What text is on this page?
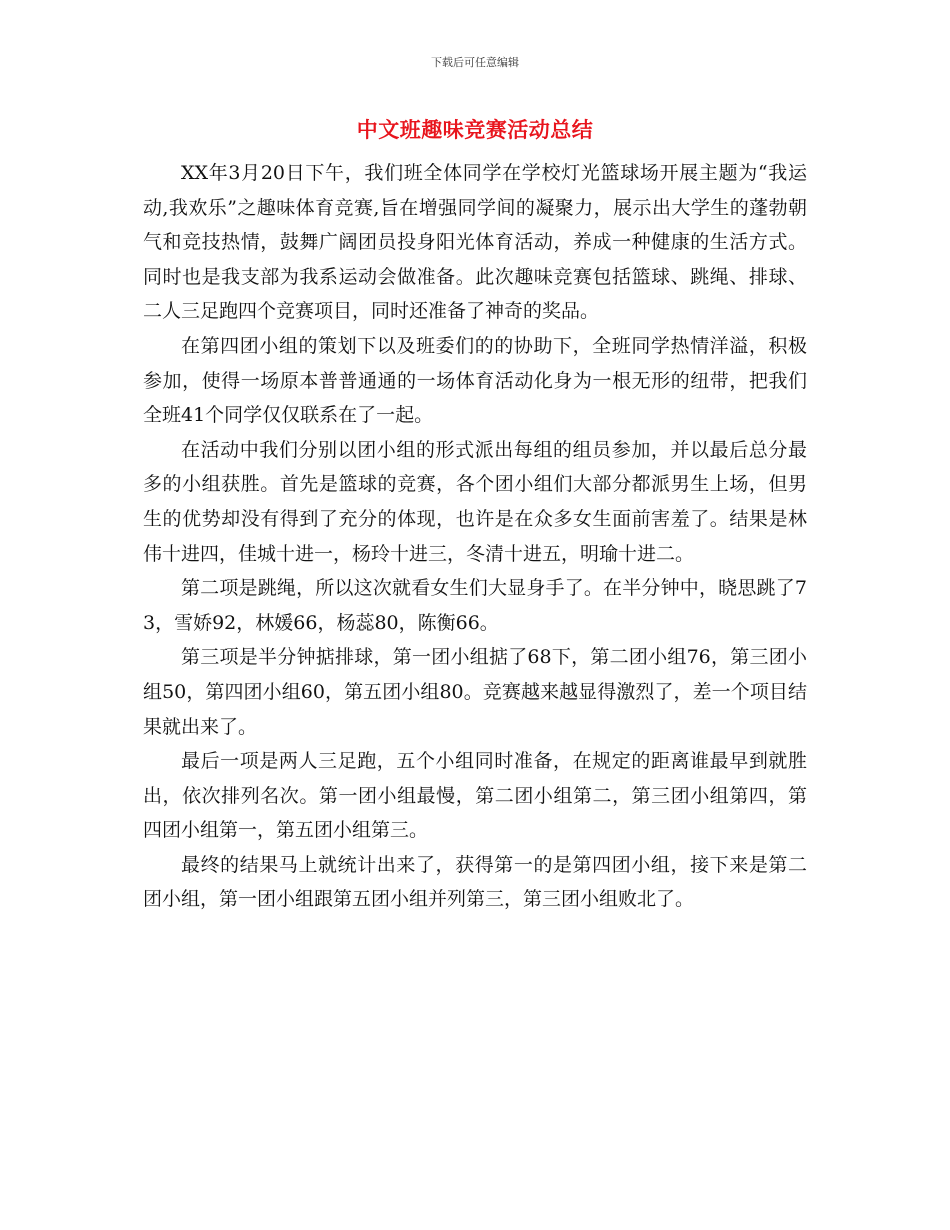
下载后可任意编辑
中文班趣味竞赛活动总结

XX年3月20日下午，我们班全体同学在学校灯光篮球场开展主题为“我运动,我欢乐”之趣味体育竞赛,旨在增强同学间的凝聚力，展示出大学生的蓬勃朝气和竞技热情，鼓舞广阔团员投身阳光体育活动，养成一种健康的生活方式。同时也是我支部为我系运动会做准备。此次趣味竞赛包括篮球、跳绳、排球、二人三足跑四个竞赛项目，同时还准备了神奇的奖品。

在第四团小组的策划下以及班委们的的协助下，全班同学热情洋溢，积极参加，使得一场原本普普通通的一场体育活动化身为一根无形的纽带，把我们全班41个同学仅仅联系在了一起。

在活动中我们分别以团小组的形式派出每组的组员参加，并以最后总分最多的小组获胜。首先是篮球的竞赛，各个团小组们大部分都派男生上场，但男生的优势却没有得到了充分的体现，也许是在众多女生面前害羞了。结果是林伟十进四，佳城十进一，杨玲十进三，冬清十进五，明瑜十进二。

第二项是跳绳，所以这次就看女生们大显身手了。在半分钟中，晓思跳了73，雪娇92，林媛66，杨蕊80，陈衡66。

第三项是半分钟掂排球，第一团小组掂了68下，第二团小组76，第三团小组50，第四团小组60，第五团小组80。竞赛越来越显得激烈了，差一个项目结果就出来了。

最后一项是两人三足跑，五个小组同时准备，在规定的距离谁最早到就胜出，依次排列名次。第一团小组最慢，第二团小组第二，第三团小组第四，第四团小组第一，第五团小组第三。

最终的结果马上就统计出来了，获得第一的是第四团小组，接下来是第二团小组，第一团小组跟第五团小组并列第三，第三团小组败北了。
